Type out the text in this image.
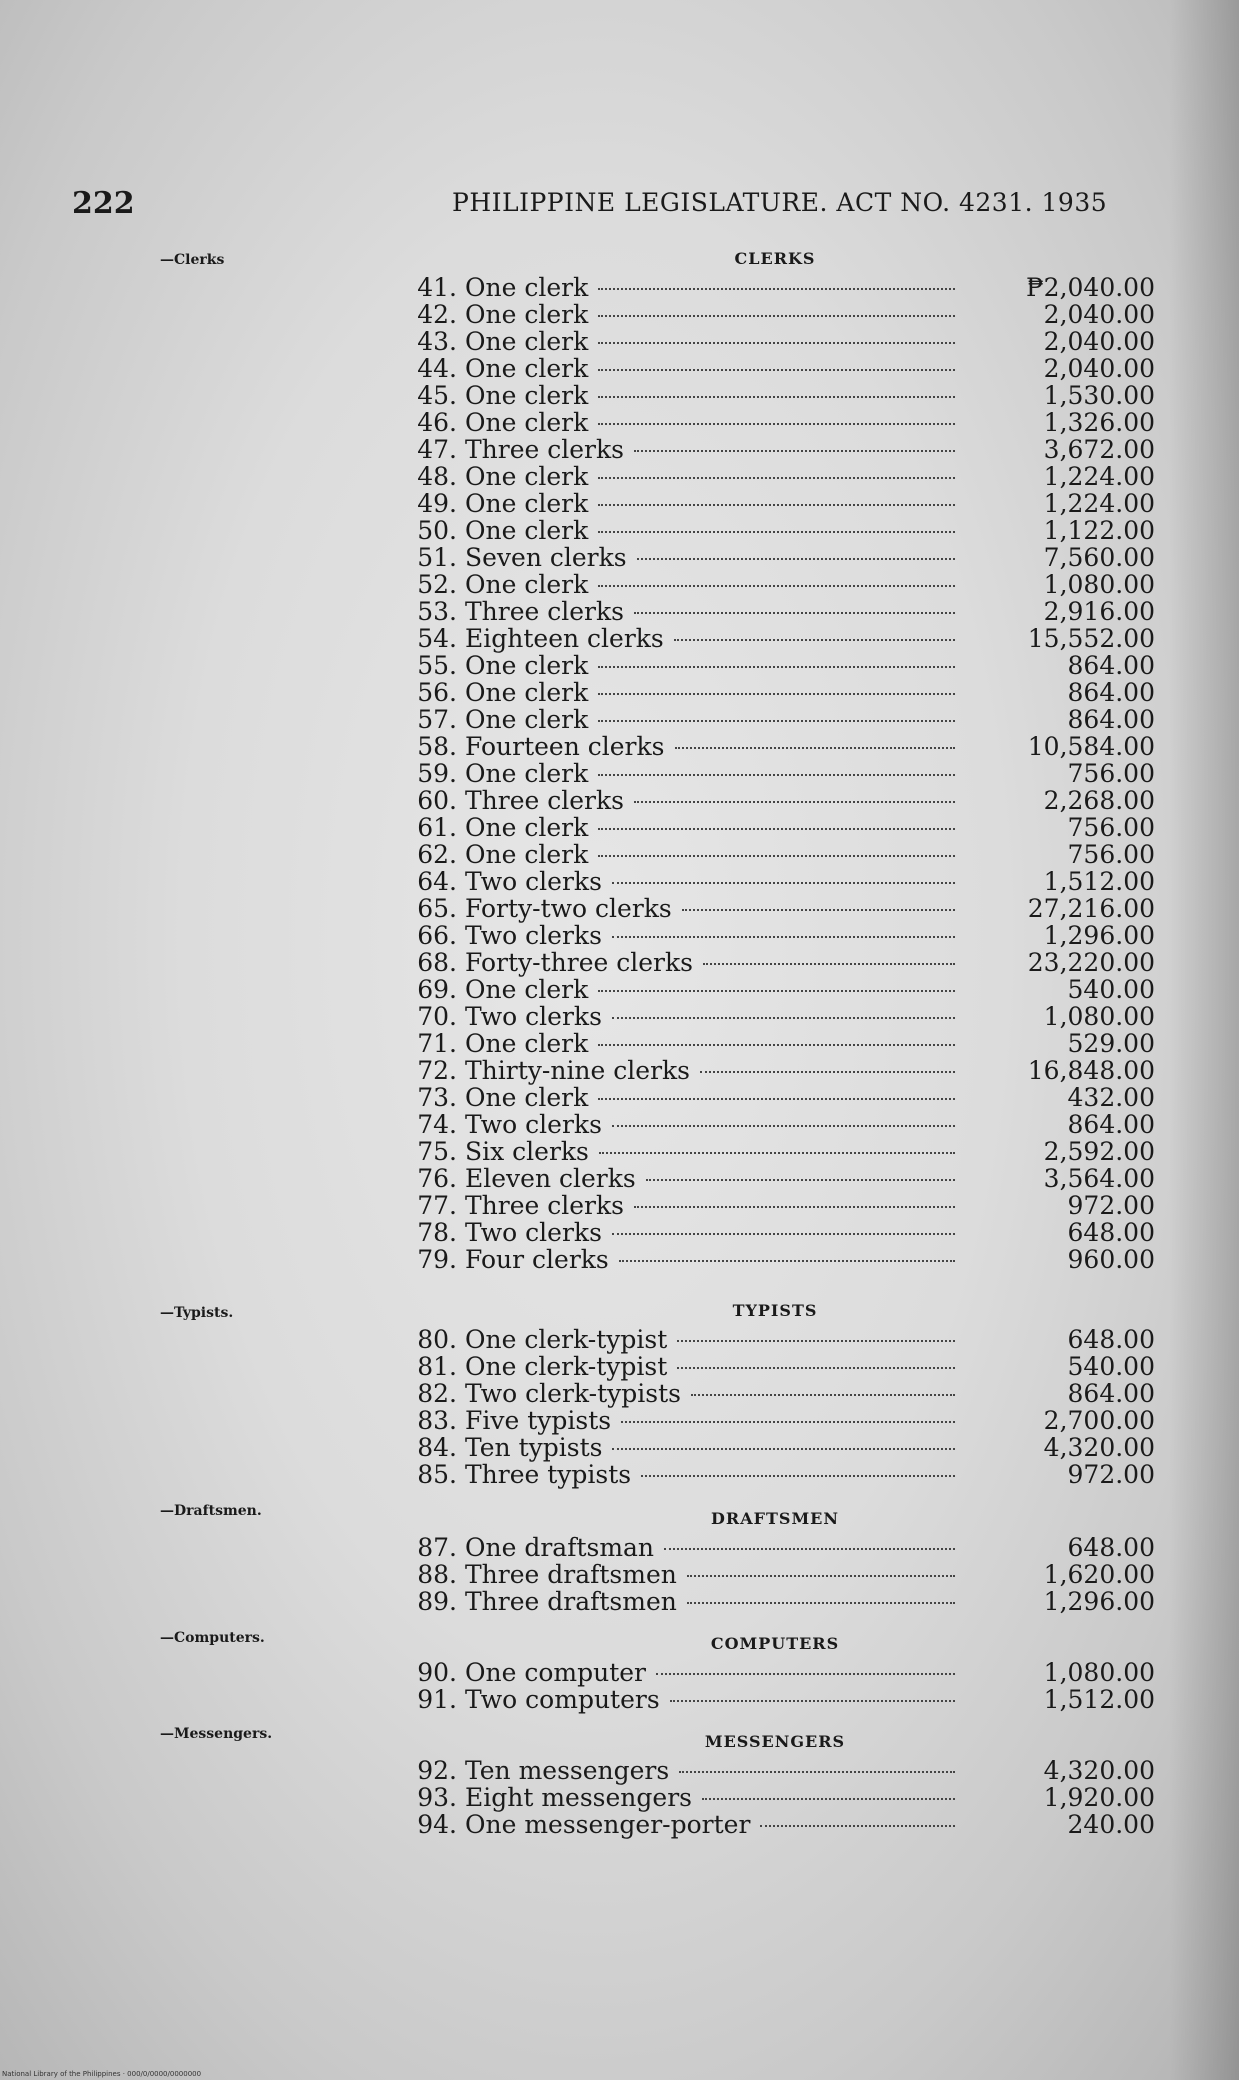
222	PHILIPPINE LEGISLATURE. ACT NO. 4231. 1935
—Clerks
—Typists.
—Draftsmen.
—Computers.
—Messengers.
CLERKS
41. One clerk	₱2,040.00
42. One clerk	2,040.00
43. One clerk	2,040.00
44. One clerk	2,040.00
45. One clerk	1,530.00
46. One clerk	1,326.00
47. Three clerks	3,672.00
48. One clerk	1,224.00
49. One clerk	1,224.00
50. One clerk	1,122.00
51. Seven clerks	7,560.00
52. One clerk	1,080.00
53. Three clerks	2,916.00
54. Eighteen clerks	15,552.00
55. One clerk	864.00
56. One clerk	864.00
57. One clerk	864.00
58. Fourteen clerks	10,584.00
59. One clerk	756.00
60. Three clerks	2,268.00
61. One clerk	756.00
62. One clerk	756.00
64. Two clerks	1,512.00
65. Forty-two clerks	27,216.00
66. Two clerks	1,296.00
68. Forty-three clerks	23,220.00
69. One clerk	540.00
70. Two clerks	1,080.00
71. One clerk	529.00
72. Thirty-nine clerks	16,848.00
73. One clerk	432.00
74. Two clerks	864.00
75. Six clerks	2,592.00
76. Eleven clerks	3,564.00
77. Three clerks	972.00
78. Two clerks	648.00
79. Four clerks	960.00
TYPISTS
80. One clerk-typist	648.00
81. One clerk-typist	540.00
82. Two clerk-typists	864.00
83. Five typists	2,700.00
84. Ten typists	4,320.00
85. Three typists	972.00
DRAFTSMEN
87. One draftsman	648.00
88. Three draftsmen	1,620.00
89. Three draftsmen	1,296.00
COMPUTERS
90. One computer	1,080.00
91. Two computers	1,512.00
MESSENGERS
92. Ten messengers	4,320.00
93. Eight messengers	1,920.00
94. One messenger-porter	240.00
National Library of the Philippines · 000/0/0000/0000000
